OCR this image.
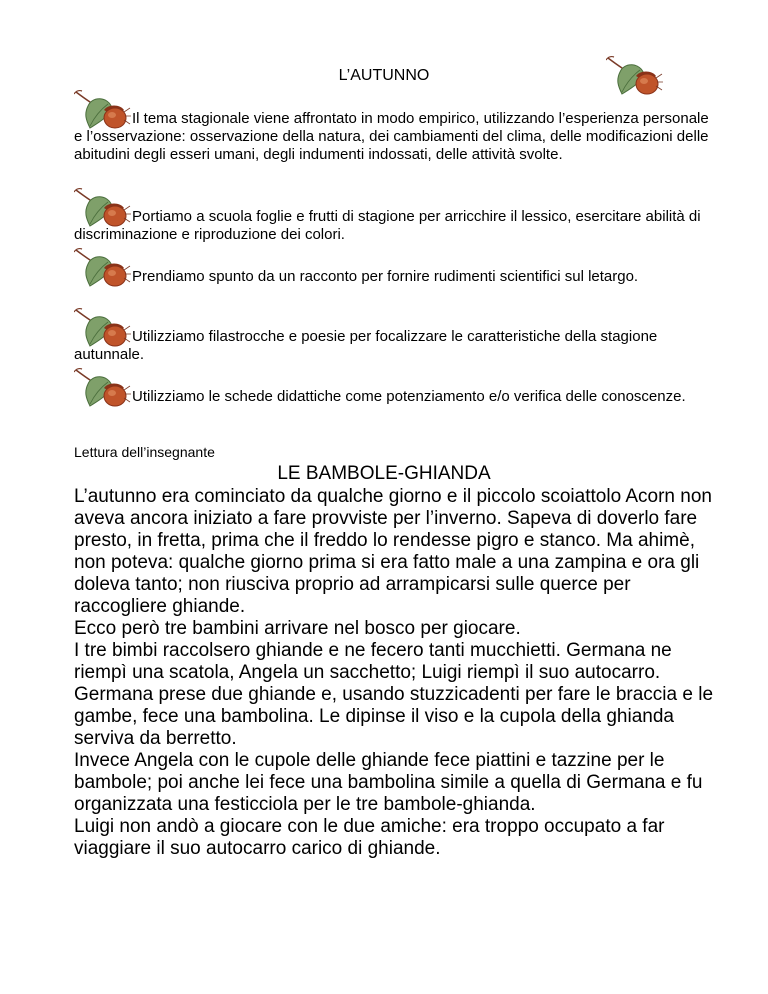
L’AUTUNNO
Il tema stagionale viene affrontato in modo empirico, utilizzando l’esperienza personale e l’osservazione: osservazione della natura, dei cambiamenti del clima, delle modificazioni delle abitudini degli esseri umani, degli indumenti indossati, delle attività svolte.
Portiamo a scuola foglie e frutti di stagione per arricchire il lessico, esercitare abilità di discriminazione e riproduzione dei colori.
Prendiamo spunto da un racconto per fornire rudimenti scientifici sul letargo.
Utilizziamo filastrocche e poesie per focalizzare le caratteristiche della stagione autunnale.
Utilizziamo le schede didattiche come potenziamento e/o verifica delle conoscenze.
Lettura dell’insegnante
LE BAMBOLE-GHIANDA

L’autunno era cominciato da qualche giorno e il piccolo scoiattolo Acorn non aveva ancora iniziato a fare provviste per l’inverno. Sapeva di doverlo fare presto, in fretta, prima che il freddo lo rendesse pigro e stanco. Ma ahimè, non poteva: qualche giorno prima si era fatto male a una zampina e ora gli doleva tanto; non riusciva proprio ad arrampicarsi sulle querce per raccogliere ghiande.

Ecco però tre bambini arrivare nel bosco per giocare.

I tre bimbi raccolsero ghiande e ne fecero tanti mucchietti. Germana ne riempì una scatola, Angela un sacchetto; Luigi riempì il suo autocarro.

Germana prese due ghiande e, usando stuzzicadenti per fare le braccia e le gambe, fece una bambolina. Le dipinse il viso e la cupola della ghianda serviva da berretto.

Invece Angela con le cupole delle ghiande fece piattini e tazzine per le bambole; poi anche lei fece una bambolina simile a quella di Germana e fu organizzata una festicciola per le tre bambole-ghianda.

Luigi non andò a giocare con le due amiche: era troppo occupato a far viaggiare il suo autocarro carico di ghiande.
